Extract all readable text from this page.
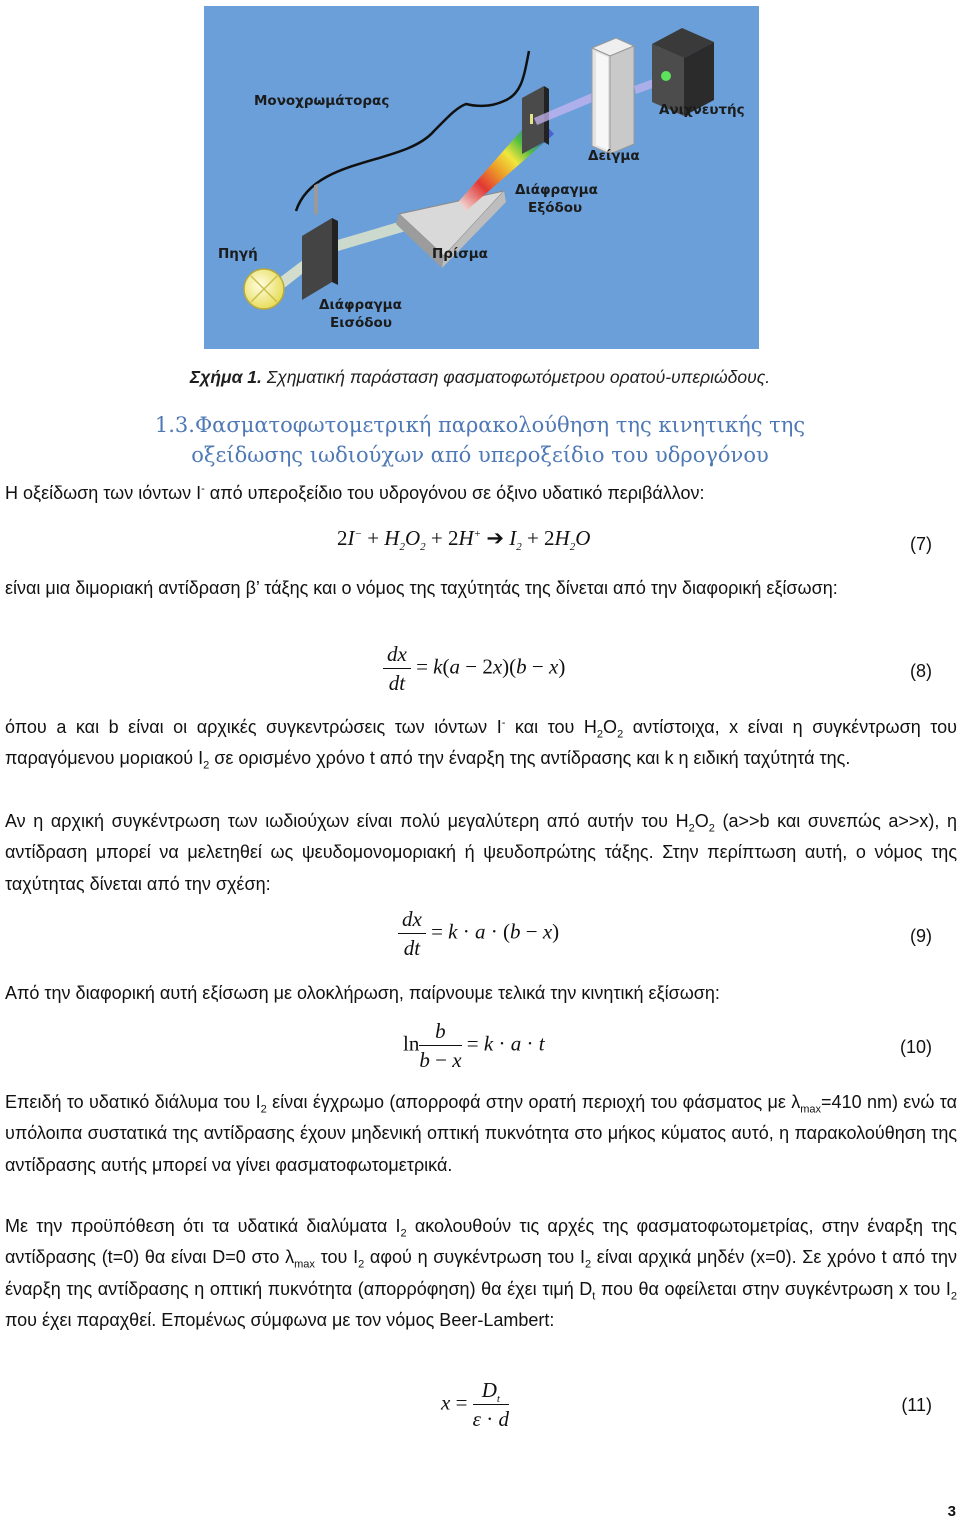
Μονοχρωμάτορας
Ανιχνευτής
Δείγμα
Διάφραγμα
Εξόδου
Πηγή	Πρίσμα
Διάφραγμα
Εισόδου
Σχήμα 1. Σχηματική παράσταση φασματοφωτόμετρου ορατού-υπεριώδους.
1.3.Φασματοφωτομετρική παρακολούθηση της κινητικής της
οξείδωσης ιωδιούχων από υπεροξείδιο του υδρογόνου
Η οξείδωση των ιόντων I- από υπεροξείδιο του υδρογόνου σε όξινο υδατικό περιβάλλον:
$2I^- + H_2O_2 + 2H^+$ ➔ $I_2 + 2H_2O$	(7)
είναι μια διμοριακή αντίδραση β’ τάξης και ο νόμος της ταχύτητάς της δίνεται από την διαφορική εξίσωση:
$\frac{dx}{dt} = k(a - 2x)(b - x)$	(8)
όπου a και b είναι οι αρχικές συγκεντρώσεις των ιόντων I- και του $H_2O_2$ αντίστοιχα, x είναι η συγκέντρωση του παραγόμενου μοριακού $I_2$ σε ορισμένο χρόνο t από την έναρξη της αντίδρασης και k η ειδική ταχύτητά της.
Αν η αρχική συγκέντρωση των ιωδιούχων είναι πολύ μεγαλύτερη από αυτήν του $H_2O_2$ (a>>b και συνεπώς a>>x), η αντίδραση μπορεί να μελετηθεί ως ψευδομονομοριακή ή ψευδοπρώτης τάξης. Στην περίπτωση αυτή, ο νόμος της ταχύτητας δίνεται από την σχέση:
$\frac{dx}{dt} = k \cdot a \cdot (b - x)$	(9)
Από την διαφορική αυτή εξίσωση με ολοκλήρωση, παίρνουμε τελικά την κινητική εξίσωση:
$\ln \frac{b}{b - x} = k \cdot a \cdot t$	(10)
Επειδή το υδατικό διάλυμα του $I_2$ είναι έγχρωμο (απορροφά στην ορατή περιοχή του φάσματος με $\lambda_{max}=410$ nm) ενώ τα υπόλοιπα συστατικά της αντίδρασης έχουν μηδενική οπτική πυκνότητα στο μήκος κύματος αυτό, η παρακολούθηση της αντίδρασης αυτής μπορεί να γίνει φασματοφωτομετρικά.
Με την προϋπόθεση ότι τα υδατικά διαλύματα $I_2$ ακολουθούν τις αρχές της φασματοφωτομετρίας, στην έναρξη της αντίδρασης (t=0) θα είναι D=0 στο $\lambda_{max}$ του $I_2$ αφού η συγκέντρωση του $I_2$ είναι αρχικά μηδέν (x=0). Σε χρόνο t από την έναρξη της αντίδρασης η οπτική πυκνότητα (απορρόφηση) θα έχει τιμή $D_t$ που θα οφείλεται στην συγκέντρωση x του $I_2$ που έχει παραχθεί. Επομένως σύμφωνα με τον νόμος Beer-Lambert:
$x = \frac{D_t}{\varepsilon \cdot d}$	(11)
3
